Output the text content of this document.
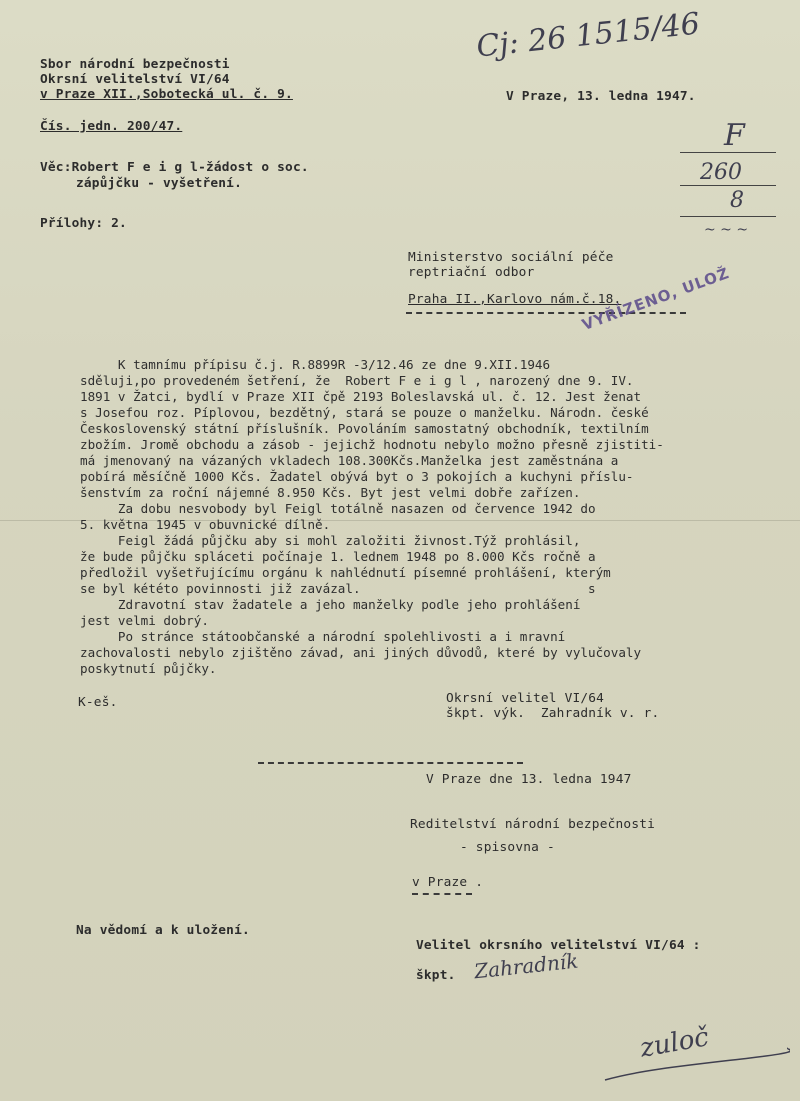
Sbor národní bezpečnosti
Okrsní velitelství VI/64
v Praze XII.,Sobotecká ul. č. 9.	V Praze, 13. ledna 1947.
Čís. jedn. 200/47.
Věc:Robert F e i g l-žádost o soc.
zápůjčku - vyšetření.
Přílohy: 2.
Cj: 26 1515/46
F
260
8
~ ~ ~
Ministerstvo sociální péče
reptriační odbor
Praha II.,Karlovo nám.č.18.
VYŘÍZENO, ULOŽ
K tamnímu přípisu č.j. R.8899R -3/12.46 ze dne 9.XII.1946
sděluji,po provedeném šetření, že  Robert F e i g l , narozený dne 9. IV.
1891 v Žatci, bydlí v Praze XII čpě 2193 Boleslavská ul. č. 12. Jest ženat
s Josefou roz. Píplovou, bezdětný, stará se pouze o manželku. Národn. české
Československý státní příslušník. Povoláním samostatný obchodník, textilním
zbožím. Jromě obchodu a zásob - jejichž hodnotu nebylo možno přesně zjistiti-
má jmenovaný na vázaných vkladech 108.300Kčs.Manželka jest zaměstnána a
pobírá měsíčně 1000 Kčs. Žadatel obývá byt o 3 pokojích a kuchyni příslu-
šenstvím za roční nájemné 8.950 Kčs. Byt jest velmi dobře zařízen.
Za dobu nesvobody byl Feigl totálně nasazen od července 1942 do
5. května 1945 v obuvnické dílně.
Feigl žádá půjčku aby si mohl založiti živnost.Týž prohlásil,
že bude půjčku spláceti počínaje 1. lednem 1948 po 8.000 Kčs ročně a
předložil vyšetřujícímu orgánu k nahlédnutí písemné prohlášení, kterým
se byl kététo povinnosti již zavázal.                              s
Zdravotní stav žadatele a jeho manželky podle jeho prohlášení
jest velmi dobrý.
Po stránce státoobčanské a národní spolehlivosti a i mravní
zachovalosti nebylo zjištěno závad, ani jiných důvodů, které by vylučovaly
poskytnutí půjčky.
K-eš.	Okrsní velitel VI/64
škpt. výk.  Zahradník v. r.
V Praze dne 13. ledna 1947
Reditelství národní bezpečnosti
- spisovna -
v Praze .
Na vědomí a k uložení.
Velitel okrsního velitelství VI/64 :
škpt. Zahradník
zuloč
